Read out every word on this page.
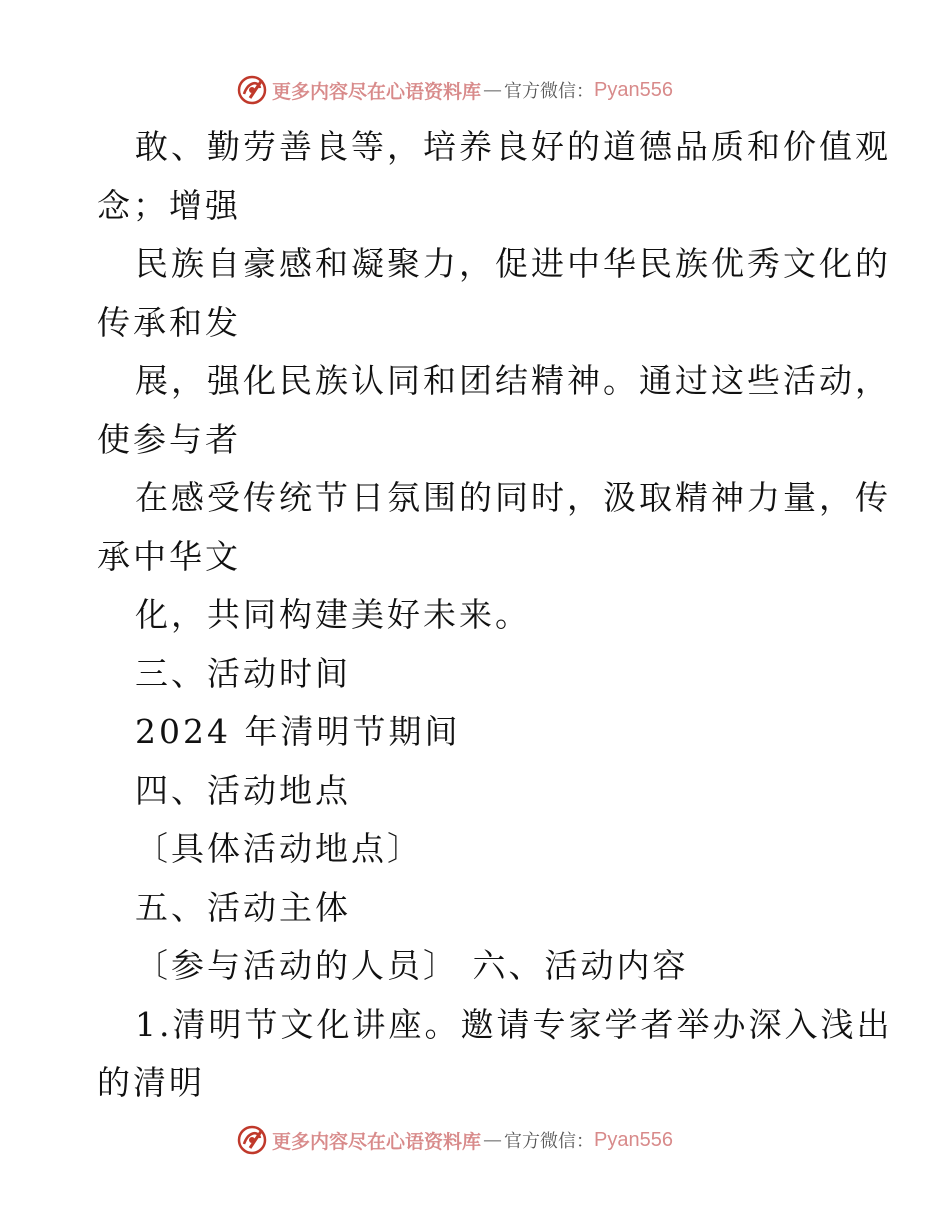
更多内容尽在心语资料库 — 官方微信： Pyan556
敢、勤劳善良等，培养良好的道德品质和价值观
念；增强
民族自豪感和凝聚力，促进中华民族优秀文化的
传承和发
展，强化民族认同和团结精神。通过这些活动，
使参与者
在感受传统节日氛围的同时，汲取精神力量，传
承中华文
化，共同构建美好未来。
三、活动时间
2024 年清明节期间
四、活动地点
〔具体活动地点〕
五、活动主体
〔参与活动的人员〕 六、活动内容
1.清明节文化讲座。邀请专家学者举办深入浅出
的清明
更多内容尽在心语资料库 — 官方微信： Pyan556
